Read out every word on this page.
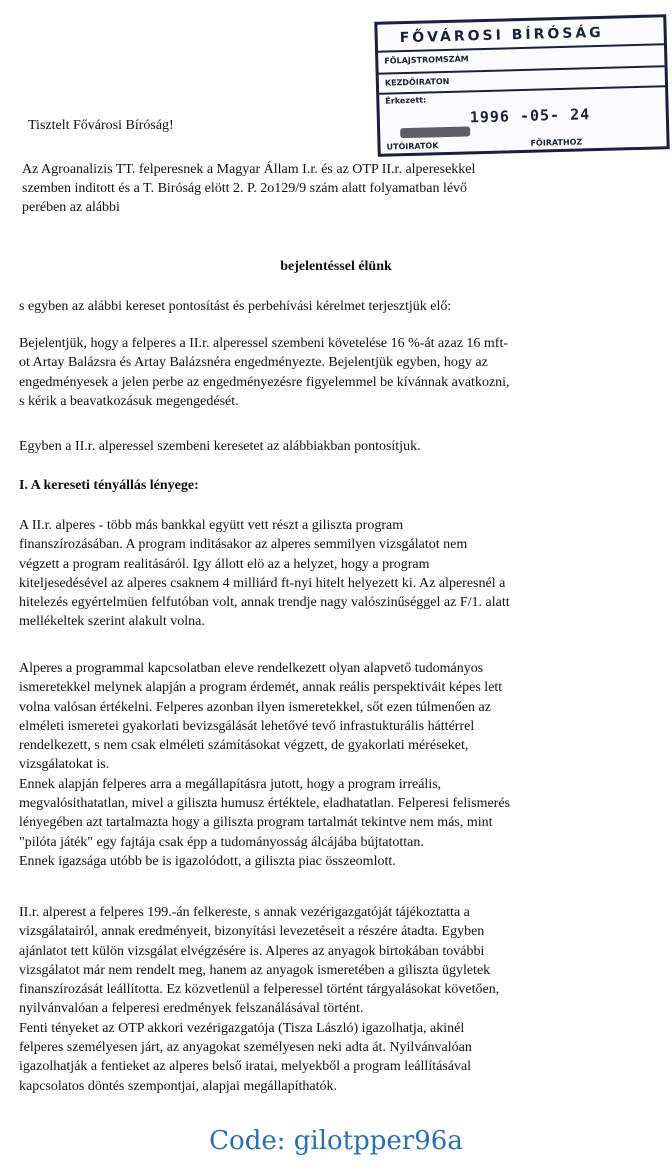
FŐVÁROSI BÍRÓSÁG
FŐLAJSTROMSZÁM
KEZDŐIRATON
Érkezett:
1996 -05- 24
FŐIRATHOZ
UTÓIRATOK
Tisztelt Fővárosi Bíróság!
Az Agroanalizis TT. felperesnek a Magyar Állam I.r. és az OTP II.r. alperesekkel
szemben inditott és a T. Biróság elött 2. P. 2o129/9 szám alatt folyamatban lévő
perében az alábbi
bejelentéssel élünk
s egyben az alábbi kereset pontosítást és perbehívási kérelmet terjesztjük elő:
Bejelentjük, hogy a felperes a II.r. alperessel szembeni követelése 16 %-át azaz 16 mft-
ot Artay Balázsra és Artay Balázsnéra engedményezte. Bejelentjük egyben, hogy az
engedményesek a jelen perbe az engedményezésre figyelemmel be kívánnak avatkozni,
s kérik a beavatkozásuk megengedését.
Egyben a II.r. alperessel szembeni keresetet az alábbiakban pontosítjuk.
I. A kereseti tényállás lényege:
A II.r. alperes - több más bankkal együtt vett részt a giliszta program
finanszírozásában. A program inditásakor az alperes semmilyen vizsgálatot nem
végzett a program realitásáról. Igy állott elö az a helyzet, hogy a program
kiteljesedésével az alperes csaknem 4 milliárd ft-nyi hitelt helyezett ki. Az alperesnél a
hitelezés egyértelmüen felfutóban volt, annak trendje nagy valószinűséggel az F/1. alatt
mellékeltek szerint alakult volna.
Alperes a programmal kapcsolatban eleve rendelkezett olyan alapvető tudományos
ismeretekkel melynek alapján a program érdemét, annak reális perspektiváit képes lett
volna valósan értékelni. Felperes azonban ilyen ismeretekkel, sőt ezen túlmenően az
elméleti ismeretei gyakorlati bevizsgálását lehetővé tevő infrastukturális háttérrel
rendelkezett, s nem csak elméleti számításokat végzett, de gyakorlati méréseket,
vizsgálatokat is.
Ennek alapján felperes arra a megállapításra jutott, hogy a program irreális,
megvalósithatatlan, mivel a giliszta humusz értéktele, eladhatatlan. Felperesi felismerés
lényegében azt tartalmazta hogy a giliszta program tartalmát tekintve nem más, mint
"pilóta játék" egy fajtája csak épp a tudományosság álcájába bújtatottan.
Ennek igazsága utóbb be is igazolódott, a giliszta piac összeomlott.
II.r. alperest a felperes 199.-án felkereste, s annak vezérigazgatóját tájékoztatta a
vizsgálatairól, annak eredményeit, bizonyítási levezetéseit a részére átadta. Egyben
ajánlatot tett külön vizsgálat elvégzésére is. Alperes az anyagok birtokában további
vizsgálatot már nem rendelt meg, hanem az anyagok ismeretében a giliszta ügyletek
finanszírozását leállította. Ez közvetlenül a felperessel történt tárgyalásokat követően,
nyilvánvalóan a felperesi eredmények felszanálásával történt.
Fenti tényeket az OTP akkori vezérigazgatója (Tisza László) igazolhatja, akinél
felperes személyesen járt, az anyagokat személyesen neki adta át. Nyilvánvalóan
igazolhatják a fentieket az alperes belső iratai, melyekből a program leállításával
kapcsolatos döntés szempontjai, alapjai megállapíthatók.
Code: gilotpper96a
